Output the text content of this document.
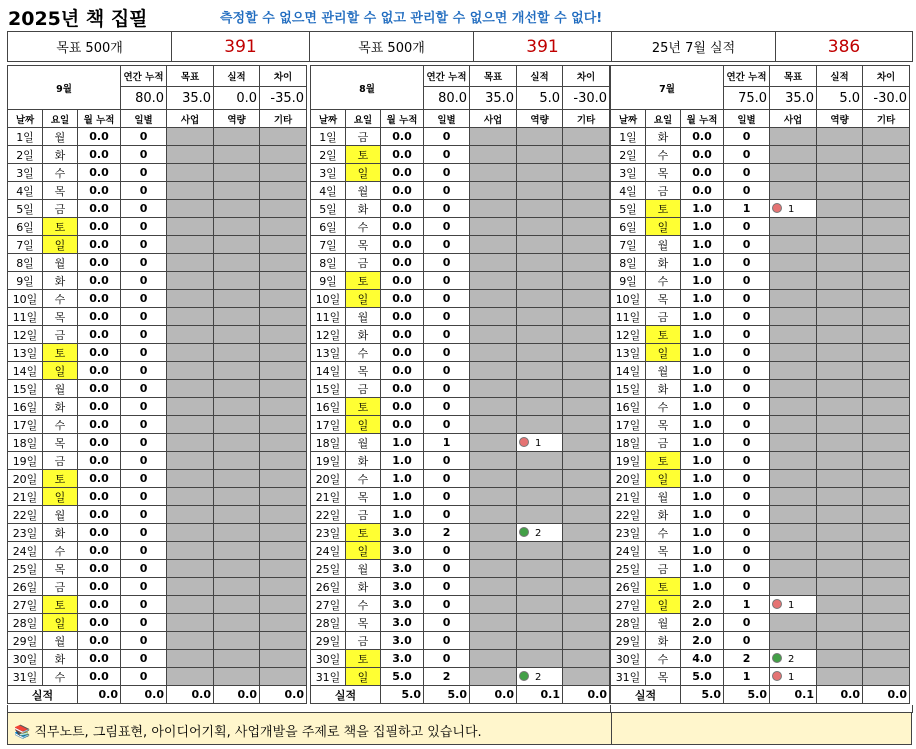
2025년 책 집필	측정할 수 없으면 관리할 수 없고 관리할 수 없으면 개선할 수 없다!
목표 500개	391	목표 500개	391	25년 7월 실적	386
9월			연간 누적	목표	실적	차이
			80.0	35.0	0.0	-35.0
날짜	요일	월 누적	일별	사업	역량	기타
1일	월	0.0	0			
2일	화	0.0	0			
3일	수	0.0	0			
4일	목	0.0	0			
5일	금	0.0	0			
6일	토	0.0	0			
7일	일	0.0	0			
8일	월	0.0	0			
9일	화	0.0	0			
10일	수	0.0	0			
11일	목	0.0	0			
12일	금	0.0	0			
13일	토	0.0	0			
14일	일	0.0	0			
15일	월	0.0	0			
16일	화	0.0	0			
17일	수	0.0	0			
18일	목	0.0	0			
19일	금	0.0	0			
20일	토	0.0	0			
21일	일	0.0	0			
22일	월	0.0	0			
23일	화	0.0	0			
24일	수	0.0	0			
25일	목	0.0	0			
26일	금	0.0	0			
27일	토	0.0	0			
28일	일	0.0	0			
29일	월	0.0	0			
30일	화	0.0	0			
31일	수	0.0	0			
실적		0.0	0.0	0.0	0.0	0.0
8월			연간 누적	목표	실적	차이
			80.0	35.0	5.0	-30.0
날짜	요일	월 누적	일별	사업	역량	기타
1일	금	0.0	0			
2일	토	0.0	0			
3일	일	0.0	0			
4일	월	0.0	0			
5일	화	0.0	0			
6일	수	0.0	0			
7일	목	0.0	0			
8일	금	0.0	0			
9일	토	0.0	0			
10일	일	0.0	0			
11일	월	0.0	0			
12일	화	0.0	0			
13일	수	0.0	0			
14일	목	0.0	0			
15일	금	0.0	0			
16일	토	0.0	0			
17일	일	0.0	0			
18일	월	1.0	1		1	
19일	화	1.0	0			
20일	수	1.0	0			
21일	목	1.0	0			
22일	금	1.0	0			
23일	토	3.0	2		2	
24일	일	3.0	0			
25일	월	3.0	0			
26일	화	3.0	0			
27일	수	3.0	0			
28일	목	3.0	0			
29일	금	3.0	0			
30일	토	3.0	0			
31일	일	5.0	2		2	
실적		5.0	5.0	0.0	0.1	0.0
7월			연간 누적	목표	실적	차이
			75.0	35.0	5.0	-30.0
날짜	요일	월 누적	일별	사업	역량	기타
1일	화	0.0	0			
2일	수	0.0	0			
3일	목	0.0	0			
4일	금	0.0	0			
5일	토	1.0	1	1		
6일	일	1.0	0			
7일	월	1.0	0			
8일	화	1.0	0			
9일	수	1.0	0			
10일	목	1.0	0			
11일	금	1.0	0			
12일	토	1.0	0			
13일	일	1.0	0			
14일	월	1.0	0			
15일	화	1.0	0			
16일	수	1.0	0			
17일	목	1.0	0			
18일	금	1.0	0			
19일	토	1.0	0			
20일	일	1.0	0			
21일	월	1.0	0			
22일	화	1.0	0			
23일	수	1.0	0			
24일	목	1.0	0			
25일	금	1.0	0			
26일	토	1.0	0			
27일	일	2.0	1	1		
28일	월	2.0	0			
29일	화	2.0	0			
30일	수	4.0	2	2		
31일	목	5.0	1	1		
실적		5.0	5.0	0.1	0.0	0.0
📚 직무노트, 그림표현, 아이디어기획, 사업개발을 주제로 책을 집필하고 있습니다.
